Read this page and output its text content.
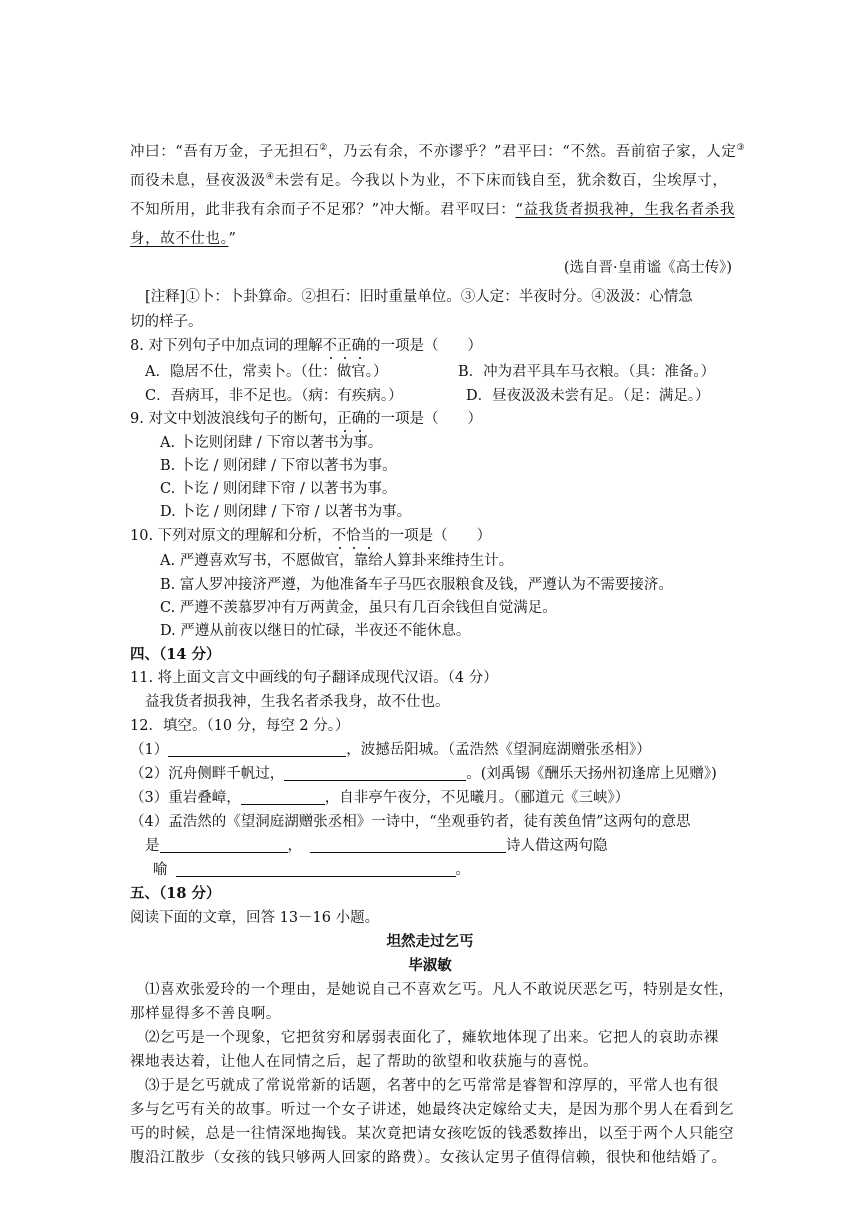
冲曰：“吾有万金，子无担石②，乃云有余，不亦谬乎？”君平曰：“不然。吾前宿子家，人定③
而役未息，昼夜汲汲④未尝有足。今我以卜为业，不下床而钱自至，犹余数百，尘埃厚寸，
不知所用，此非我有余而子不足邪？”冲大惭。君平叹曰：“益我货者损我神，生我名者杀我
身，故不仕也。”
(选自晋·皇甫谧《高士传》)
[注释]①卜：卜卦算命。②担石：旧时重量单位。③人定：半夜时分。④汲汲：心情急
切的样子。
8. 对下列句子中加点词的理解不正确的一项是（　　）
A．隐居不仕，常卖卜。（仕：做官。）	B．冲为君平具车马衣粮。（具：准备。）
C．吾病耳，非不足也。（病：有疾病。）	D．昼夜汲汲未尝有足。（足：满足。）
9. 对文中划波浪线句子的断句，正确的一项是（　　）
A. 卜讫则闭肆 / 下帘以著书为事。
B. 卜讫 / 则闭肆 / 下帘以著书为事。
C. 卜讫 / 则闭肆下帘 / 以著书为事。
D. 卜讫 / 则闭肆 / 下帘 / 以著书为事。
10. 下列对原文的理解和分析，不恰当的一项是（　　）
A. 严遵喜欢写书，不愿做官，靠给人算卦来维持生计。
B. 富人罗冲接济严遵，为他准备车子马匹衣服粮食及钱，严遵认为不需要接济。
C. 严遵不羡慕罗冲有万两黄金，虽只有几百余钱但自觉满足。
D. 严遵从前夜以继日的忙碌，半夜还不能休息。
四、（14 分）
11. 将上面文言文中画线的句子翻译成现代汉语。（4 分）
益我货者损我神，生我名者杀我身，故不仕也。
12．填空。（10 分，每空 2 分。）
（1）	，波撼岳阳城。（孟浩然《望洞庭湖赠张丞相》）
（2）沉舟侧畔千帆过，	。(刘禹锡《酬乐天扬州初逢席上见赠》)
（3）重岩叠嶂，	，自非亭午夜分，不见曦月。（郦道元《三峡》）
（4）孟浩然的《望洞庭湖赠张丞相》一诗中，“坐观垂钓者，徒有羡鱼情”这两句的意思
是	，	诗人借这两句隐
喻	。
五、（18 分）
阅读下面的文章，回答 13－16 小题。
坦然走过乞丐
毕淑敏
⑴喜欢张爱玲的一个理由，是她说自己不喜欢乞丐。凡人不敢说厌恶乞丐，特别是女性，
那样显得多不善良啊。
⑵乞丐是一个现象，它把贫穷和孱弱表面化了，瘫软地体现了出来。它把人的哀助赤裸
裸地表达着，让他人在同情之后，起了帮助的欲望和收获施与的喜悦。
⑶于是乞丐就成了常说常新的话题，名著中的乞丐常常是睿智和淳厚的，平常人也有很
多与乞丐有关的故事。听过一个女子讲述，她最终决定嫁给丈夫，是因为那个男人在看到乞
丐的时候，总是一往情深地掏钱。某次竟把请女孩吃饭的钱悉数捧出，以至于两个人只能空
腹沿江散步（女孩的钱只够两人回家的路费）。女孩认定男子值得信赖，很快和他结婚了。
